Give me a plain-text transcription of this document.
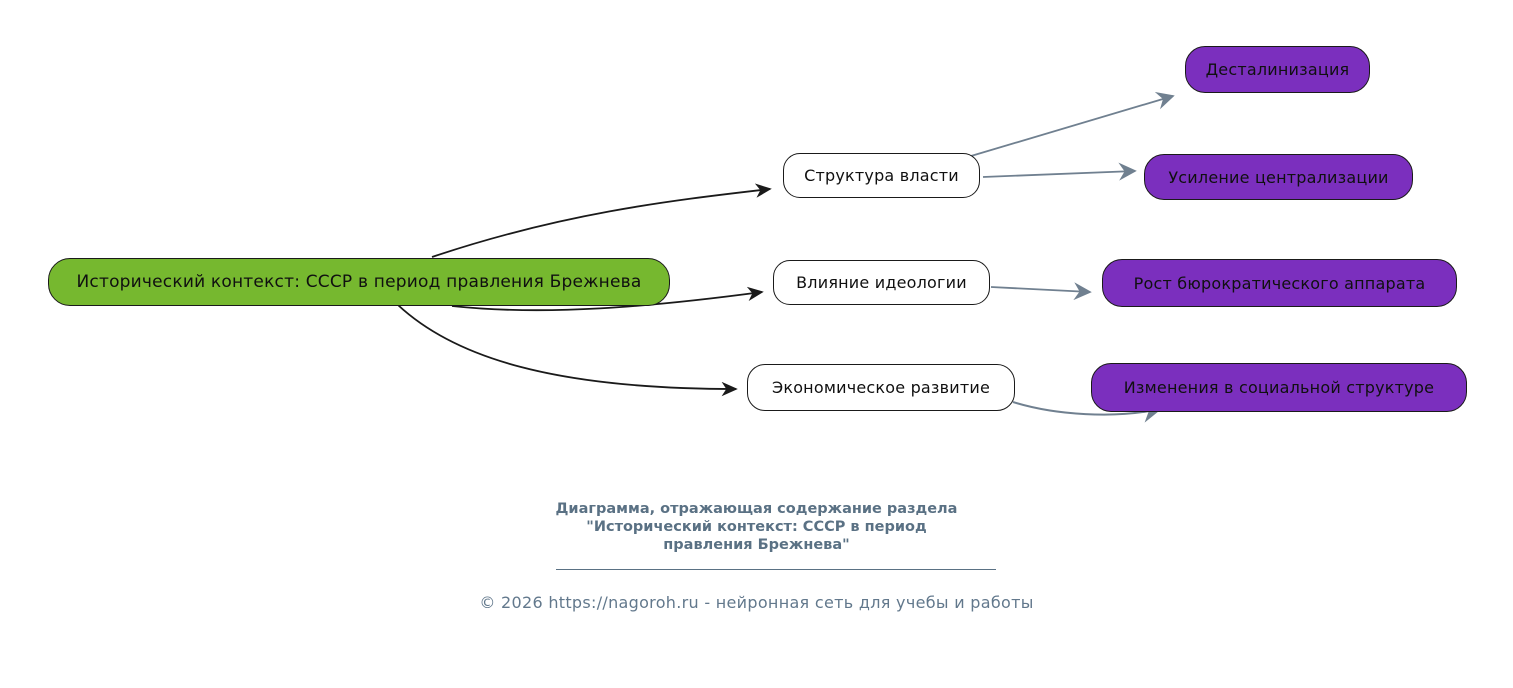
Исторический контекст: СССР в период правления Брежнева
Структура власти
Влияние идеологии
Экономическое развитие
Десталинизация
Усиление централизации
Рост бюрократического аппарата
Изменения в социальной структуре
Диаграмма, отражающая содержание раздела
"Исторический контекст: СССР в период
правления Брежнева"
© 2026 https://nagoroh.ru - нейронная сеть для учебы и работы
